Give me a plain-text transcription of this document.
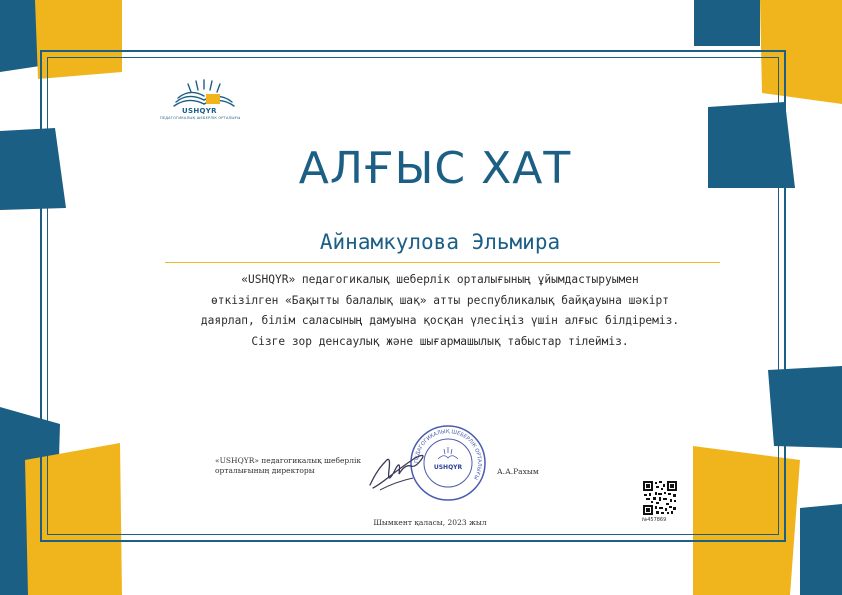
USHQYR
ПЕДАГОГИКАЛЫҚ ШЕБЕРЛІК ОРТАЛЫҒЫ
АЛҒЫС ХАТ
Айнамкулова Эльмира

«USHQYR» педагогикалық шеберлік орталығының ұйымдастыруымен

өткізілген «Бақытты балалық шақ» атты республикалық байқауына шәкірт

даярлап, білім саласының дамуына қосқан үлесіңіз үшін алғыс білдіреміз.

Сізге зор денсаулық және шығармашылық табыстар тілейміз.

«USHQYR» педагогикалық шеберлік
орталығының директоры
ПЕДАГОГИКАЛЫҚ ШЕБЕРЛІК ОРТАЛЫҒЫ
USHQYR	А.А.Рахым
Шымкент қаласы, 2023 жыл	№457869
